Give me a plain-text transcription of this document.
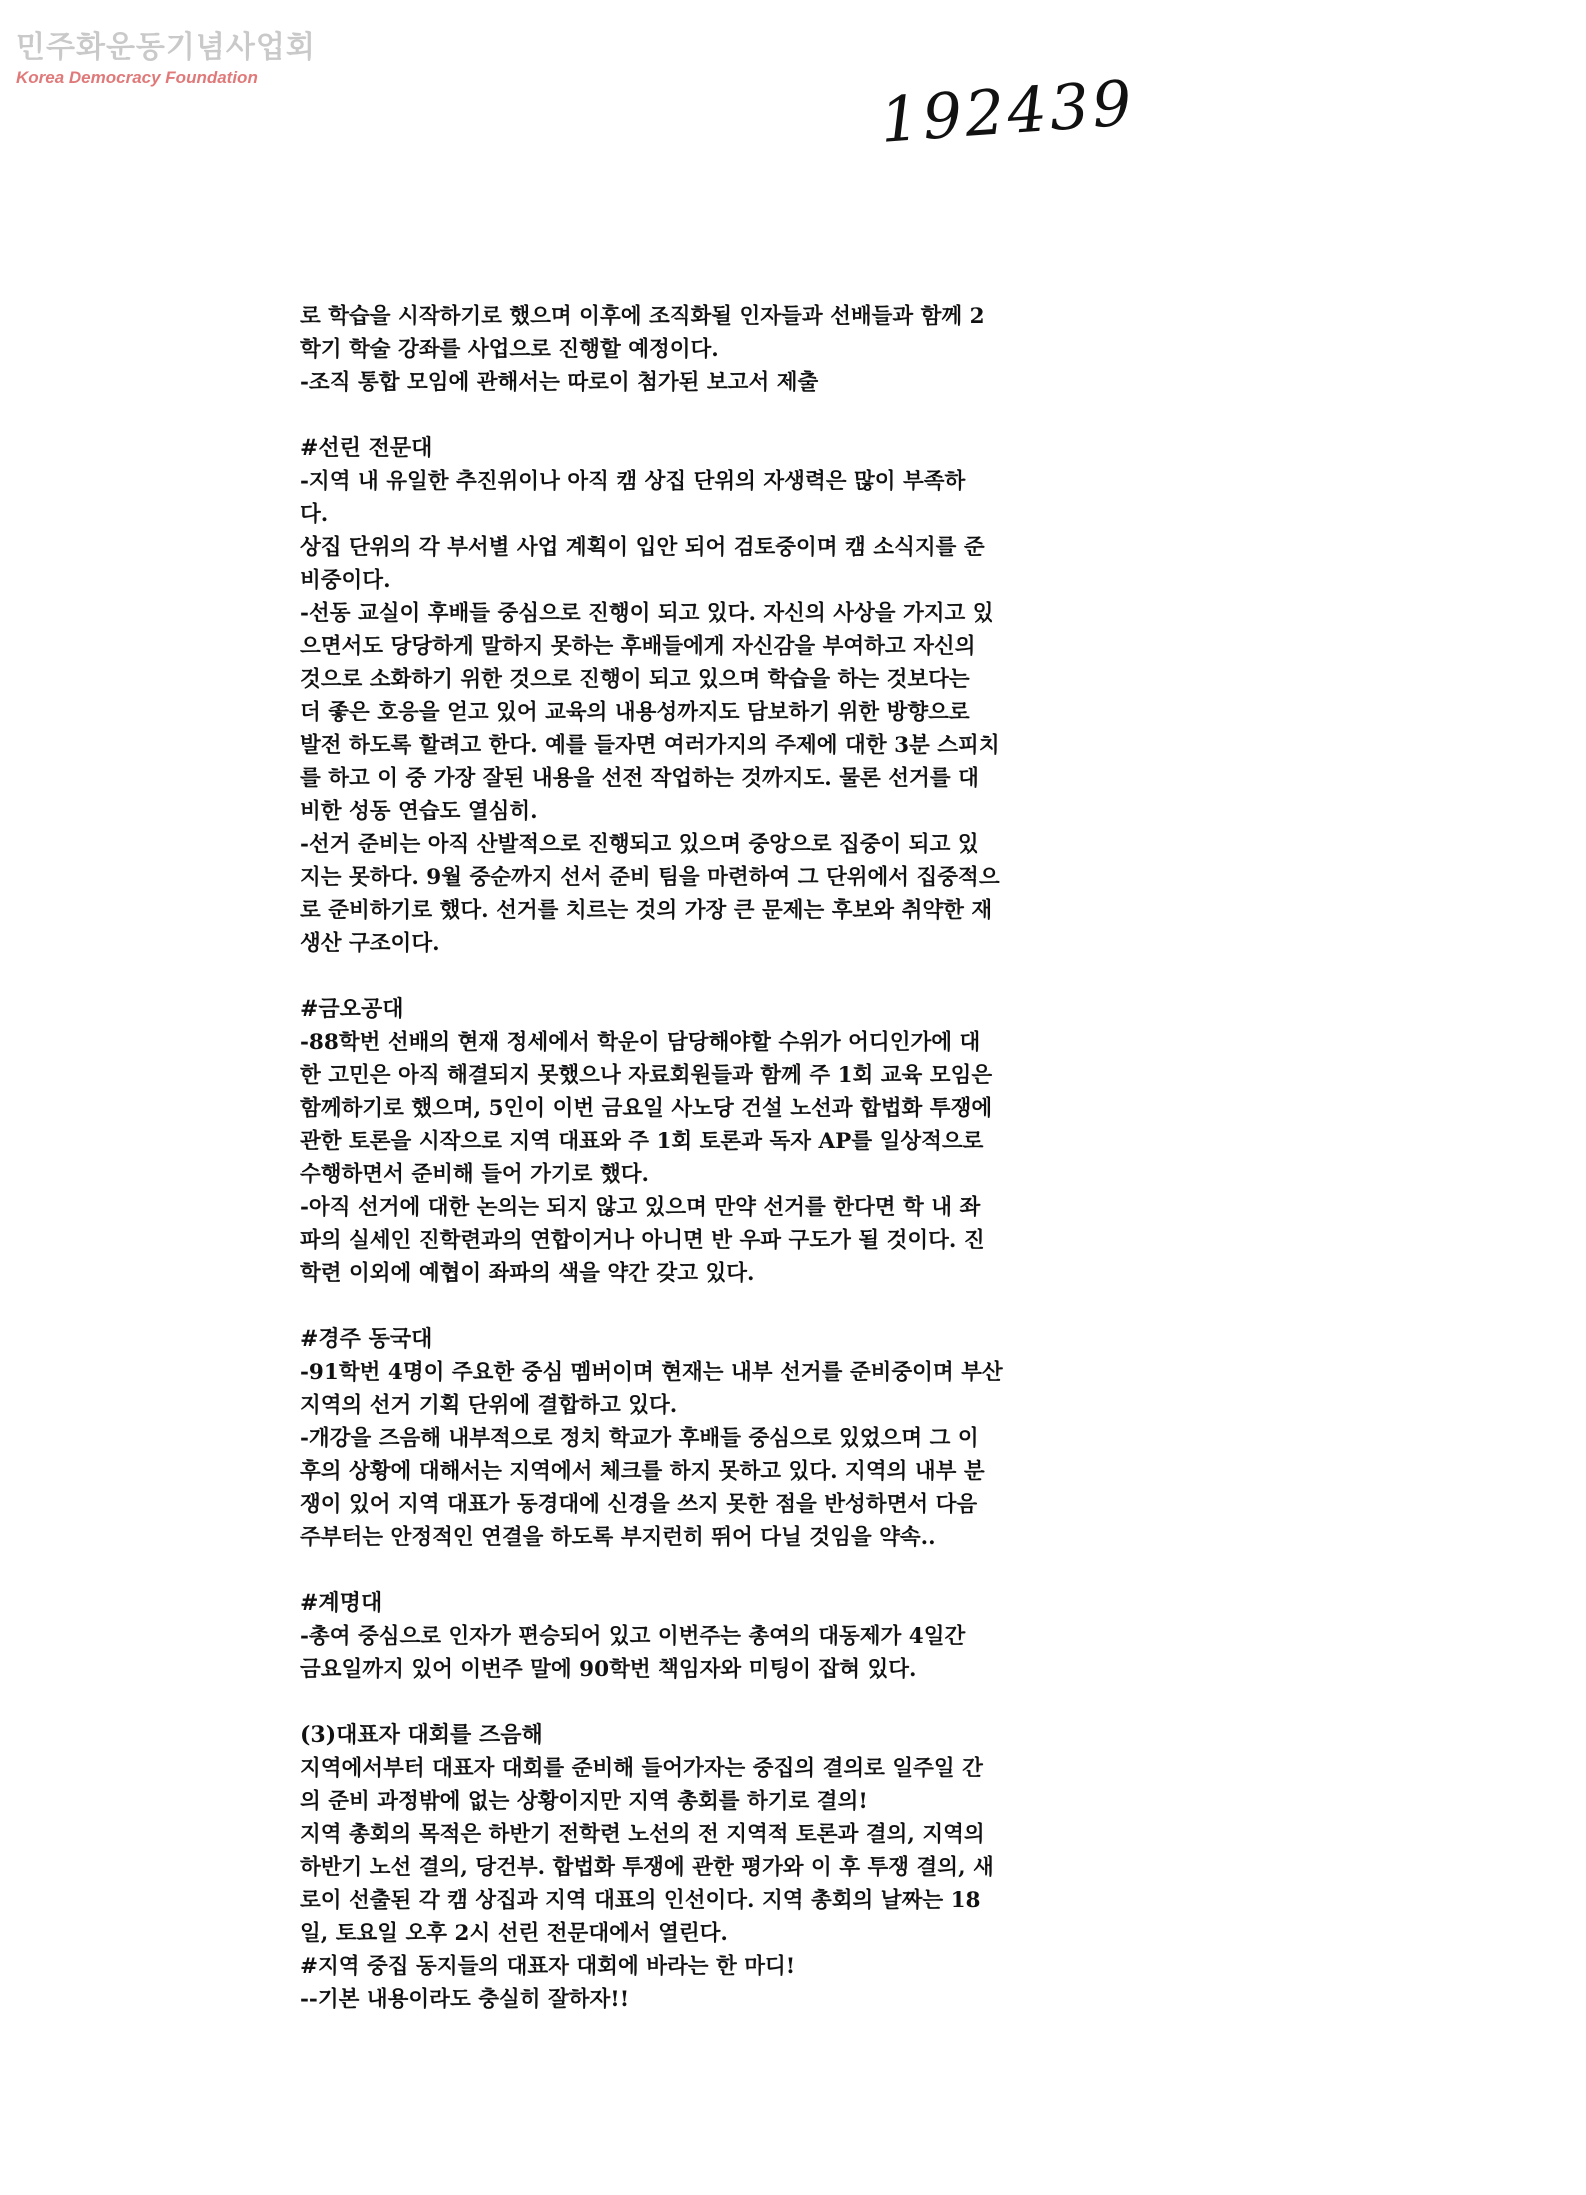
민주화운동기념사업회
Korea Democracy Foundation	192439
로 학습을 시작하기로 했으며 이후에 조직화될 인자들과 선배들과 함께 2
학기 학술 강좌를 사업으로 진행할 예정이다.
-조직 통합 모임에 관해서는 따로이 첨가된 보고서 제출
#선린 전문대
-지역 내 유일한 추진위이나 아직 캠 상집 단위의 자생력은 많이 부족하
다.
상집 단위의 각 부서별 사업 계획이 입안 되어 검토중이며 캠 소식지를 준
비중이다.
-선동 교실이 후배들 중심으로 진행이 되고 있다. 자신의 사상을 가지고 있
으면서도 당당하게 말하지 못하는 후배들에게 자신감을 부여하고 자신의
것으로 소화하기 위한 것으로 진행이 되고 있으며 학습을 하는 것보다는
더 좋은 호응을 얻고 있어 교육의 내용성까지도 담보하기 위한 방향으로
발전 하도록 할려고 한다. 예를 들자면 여러가지의 주제에 대한 3분 스피치
를 하고 이 중 가장 잘된 내용을 선전 작업하는 것까지도. 물론 선거를 대
비한 성동 연습도 열심히.
-선거 준비는 아직 산발적으로 진행되고 있으며 중앙으로 집중이 되고 있
지는 못하다. 9월 중순까지 선서 준비 팀을 마련하여 그 단위에서 집중적으
로 준비하기로 했다. 선거를 치르는 것의 가장 큰 문제는 후보와 취약한 재
생산 구조이다.
#금오공대
-88학번 선배의 현재 정세에서 학운이 담당해야할 수위가 어디인가에 대
한 고민은 아직 해결되지 못했으나 자료회원들과 함께 주 1회 교육 모임은
함께하기로 했으며, 5인이 이번 금요일 사노당 건설 노선과 합법화 투쟁에
관한 토론을 시작으로 지역 대표와 주 1회 토론과 독자 AP를 일상적으로
수행하면서 준비해 들어 가기로 했다.
-아직 선거에 대한 논의는 되지 않고 있으며 만약 선거를 한다면 학 내 좌
파의 실세인 진학련과의 연합이거나 아니면 반 우파 구도가 될 것이다. 진
학련 이외에 예협이 좌파의 색을 약간 갖고 있다.
#경주 동국대
-91학번 4명이 주요한 중심 멤버이며 현재는 내부 선거를 준비중이며 부산
지역의 선거 기획 단위에 결합하고 있다.
-개강을 즈음해 내부적으로 정치 학교가 후배들 중심으로 있었으며 그 이
후의 상황에 대해서는 지역에서 체크를 하지 못하고 있다. 지역의 내부 분
쟁이 있어 지역 대표가 동경대에 신경을 쓰지 못한 점을 반성하면서 다음
주부터는 안정적인 연결을 하도록 부지런히 뛰어 다닐 것임을 약속..
#계명대
-총여 중심으로 인자가 편승되어 있고 이번주는 총여의 대동제가 4일간
금요일까지 있어 이번주 말에 90학번 책임자와 미팅이 잡혀 있다.
(3)대표자 대회를 즈음해
지역에서부터 대표자 대회를 준비해 들어가자는 중집의 결의로 일주일 간
의 준비 과정밖에 없는 상황이지만 지역 총회를 하기로 결의!
지역 총회의 목적은 하반기 전학련 노선의 전 지역적 토론과 결의, 지역의
하반기 노선 결의, 당건부. 합법화 투쟁에 관한 평가와 이 후 투쟁 결의, 새
로이 선출된 각 캠 상집과 지역 대표의 인선이다. 지역 총회의 날짜는 18
일, 토요일 오후 2시 선린 전문대에서 열린다.
#지역 중집 동지들의 대표자 대회에 바라는 한 마디!
--기본 내용이라도 충실히 잘하자!!
